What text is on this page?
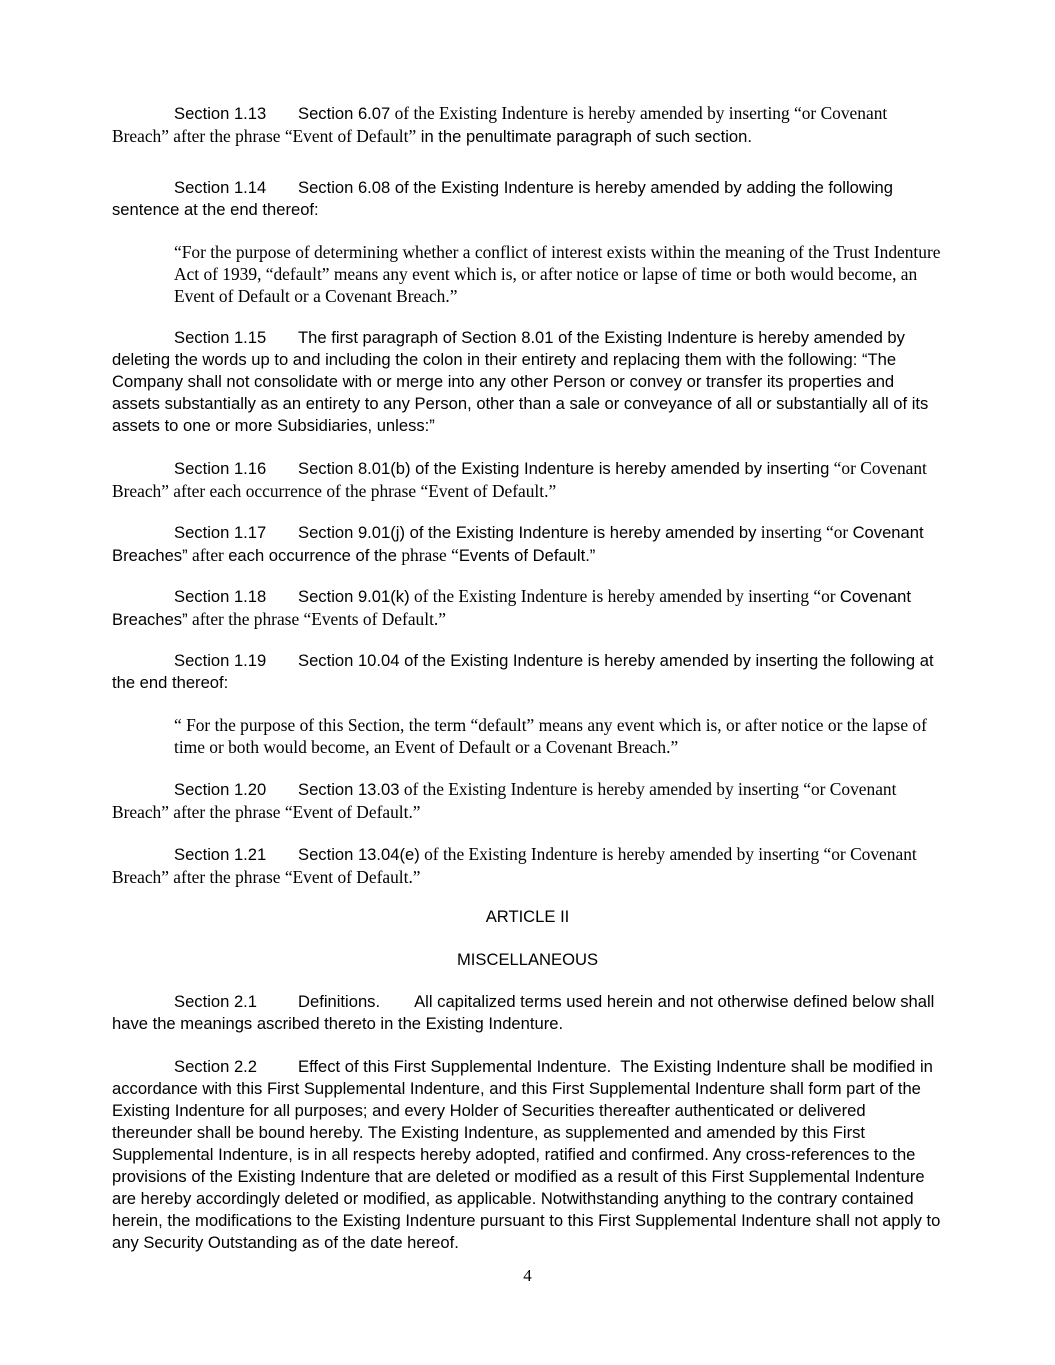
Section 1.13 Section 6.07 of the Existing Indenture is hereby amended by inserting “or Covenant Breach” after the phrase “Event of Default” in the penultimate paragraph of such section.

Section 1.14 Section 6.08 of the Existing Indenture is hereby amended by adding the following sentence at the end thereof:

“For the purpose of determining whether a conflict of interest exists within the meaning of the Trust Indenture Act of 1939, “default” means any event which is, or after notice or lapse of time or both would become, an Event of Default or a Covenant Breach.”

Section 1.15 The first paragraph of Section 8.01 of the Existing Indenture is hereby amended by deleting the words up to and including the colon in their entirety and replacing them with the following: “The Company shall not consolidate with or merge into any other Person or convey or transfer its properties and assets substantially as an entirety to any Person, other than a sale or conveyance of all or substantially all of its assets to one or more Subsidiaries, unless:”

Section 1.16 Section 8.01(b) of the Existing Indenture is hereby amended by inserting “or Covenant Breach” after each occurrence of the phrase “Event of Default.”

Section 1.17 Section 9.01(j) of the Existing Indenture is hereby amended by inserting “or Covenant Breaches” after each occurrence of the phrase “Events of Default.”

Section 1.18 Section 9.01(k) of the Existing Indenture is hereby amended by inserting “or Covenant Breaches” after the phrase “Events of Default.”

Section 1.19 Section 10.04 of the Existing Indenture is hereby amended by inserting the following at the end thereof:

“ For the purpose of this Section, the term “default” means any event which is, or after notice or the lapse of time or both would become, an Event of Default or a Covenant Breach.”

Section 1.20 Section 13.03 of the Existing Indenture is hereby amended by inserting “or Covenant Breach” after the phrase “Event of Default.”

Section 1.21 Section 13.04(e) of the Existing Indenture is hereby amended by inserting “or Covenant Breach” after the phrase “Event of Default.”

ARTICLE II
MISCELLANEOUS

Section 2.1 Definitions. All capitalized terms used herein and not otherwise defined below shall have the meanings ascribed thereto in the Existing Indenture.

Section 2.2 Effect of this First Supplemental Indenture. The Existing Indenture shall be modified in accordance with this First Supplemental Indenture, and this First Supplemental Indenture shall form part of the Existing Indenture for all purposes; and every Holder of Securities thereafter authenticated or delivered thereunder shall be bound hereby. The Existing Indenture, as supplemented and amended by this First Supplemental Indenture, is in all respects hereby adopted, ratified and confirmed. Any cross-references to the provisions of the Existing Indenture that are deleted or modified as a result of this First Supplemental Indenture are hereby accordingly deleted or modified, as applicable. Notwithstanding anything to the contrary contained herein, the modifications to the Existing Indenture pursuant to this First Supplemental Indenture shall not apply to any Security Outstanding as of the date hereof.

4
